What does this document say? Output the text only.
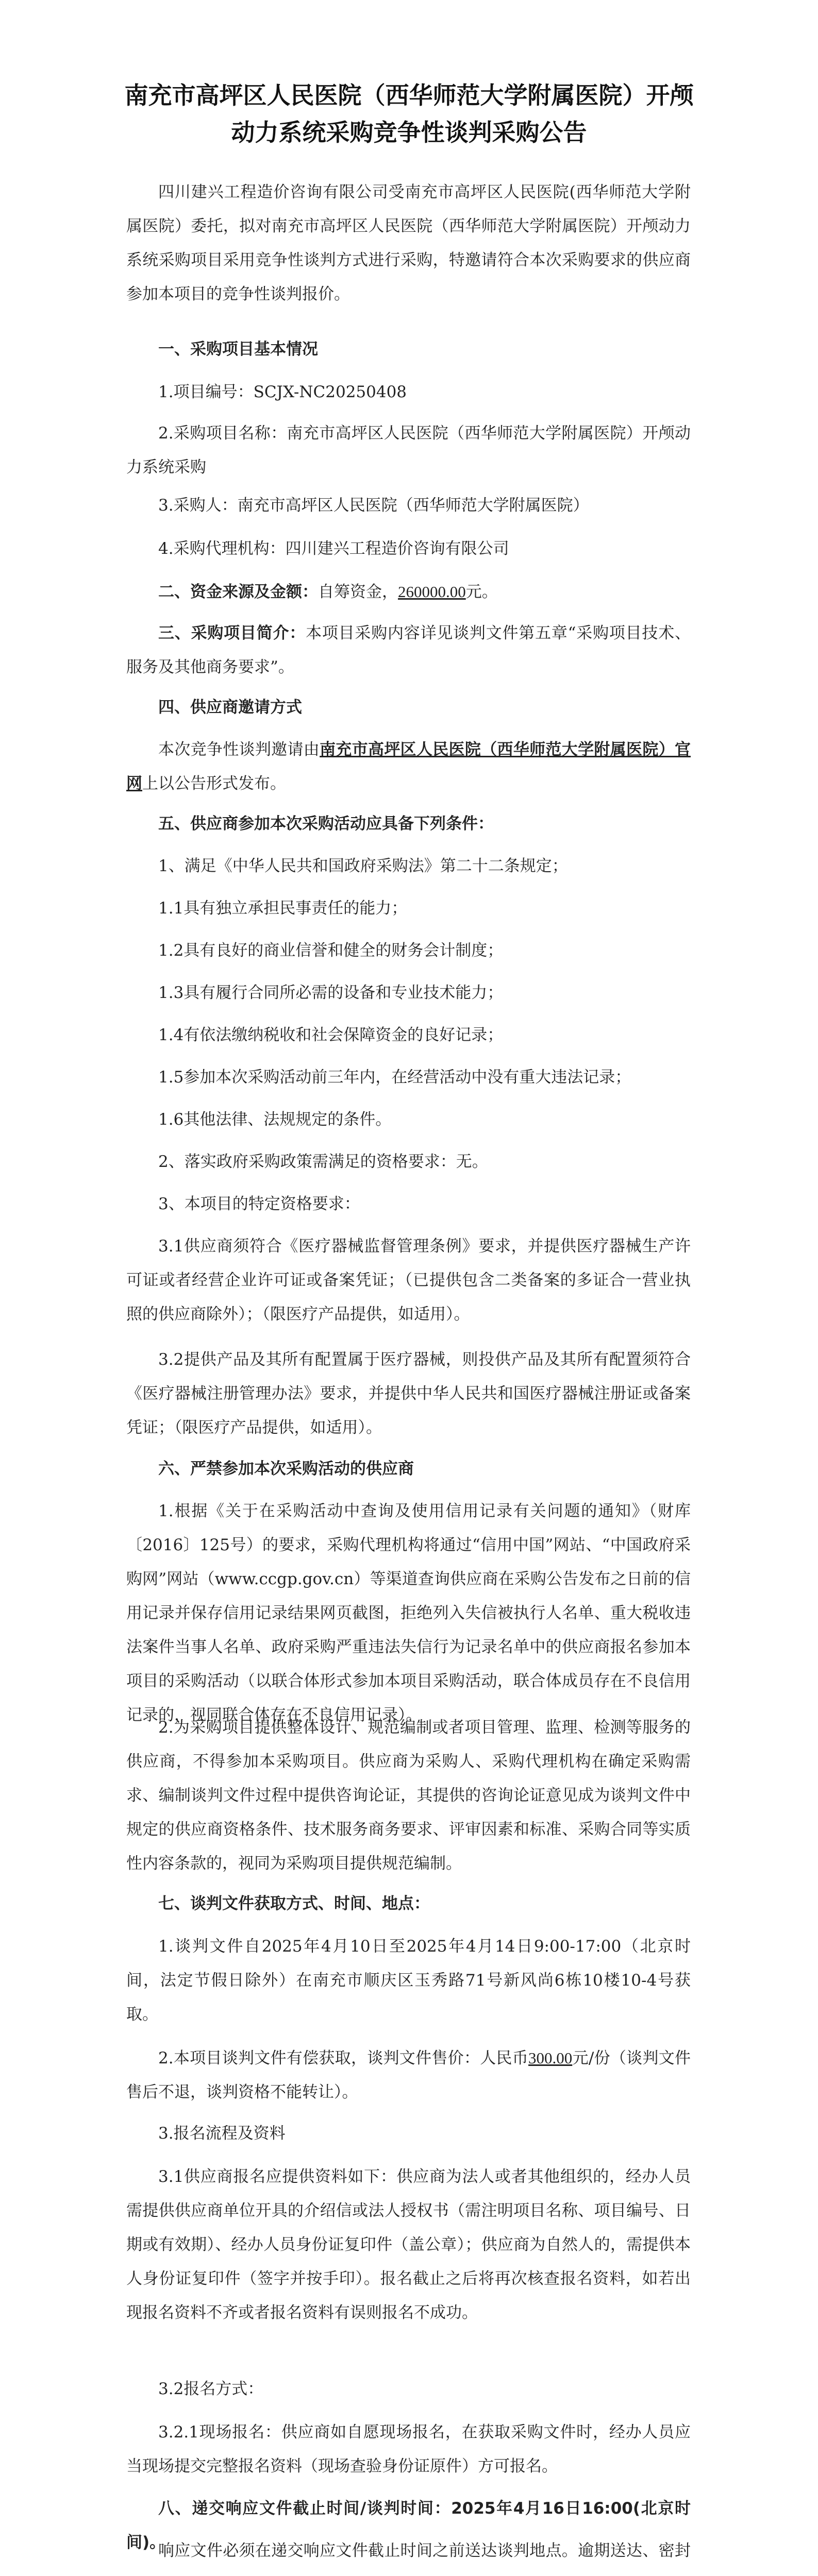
南充市高坪区人民医院（西华师范大学附属医院）开颅
动力系统采购竞争性谈判采购公告
四川建兴工程造价咨询有限公司受南充市高坪区人民医院(西华师范大学附属医院）委托，拟对南充市高坪区人民医院（西华师范大学附属医院）开颅动力系统采购项目采用竞争性谈判方式进行采购，特邀请符合本次采购要求的供应商参加本项目的竞争性谈判报价。
一、采购项目基本情况
1.项目编号：SCJX-NC20250408
2.采购项目名称：南充市高坪区人民医院（西华师范大学附属医院）开颅动力系统采购
3.采购人：南充市高坪区人民医院（西华师范大学附属医院）
4.采购代理机构：四川建兴工程造价咨询有限公司
二、资金来源及金额：自筹资金，260000.00元。
三、采购项目简介：本项目采购内容详见谈判文件第五章“采购项目技术、服务及其他商务要求”。
四、供应商邀请方式
本次竞争性谈判邀请由南充市高坪区人民医院（西华师范大学附属医院）官网上以公告形式发布。
五、供应商参加本次采购活动应具备下列条件：
1、满足《中华人民共和国政府采购法》第二十二条规定；
1.1具有独立承担民事责任的能力；
1.2具有良好的商业信誉和健全的财务会计制度；
1.3具有履行合同所必需的设备和专业技术能力；
1.4有依法缴纳税收和社会保障资金的良好记录；
1.5参加本次采购活动前三年内，在经营活动中没有重大违法记录；
1.6其他法律、法规规定的条件。
2、落实政府采购政策需满足的资格要求：无。
3、本项目的特定资格要求：
3.1供应商须符合《医疗器械监督管理条例》要求，并提供医疗器械生产许可证或者经营企业许可证或备案凭证；（已提供包含二类备案的多证合一营业执照的供应商除外）；（限医疗产品提供，如适用）。
3.2提供产品及其所有配置属于医疗器械，则投供产品及其所有配置须符合《医疗器械注册管理办法》要求，并提供中华人民共和国医疗器械注册证或备案凭证；（限医疗产品提供，如适用）。
六、严禁参加本次采购活动的供应商
1.根据《关于在采购活动中查询及使用信用记录有关问题的通知》（财库〔2016〕125号）的要求，采购代理机构将通过“信用中国”网站、“中国政府采购网”网站（www.ccgp.gov.cn）等渠道查询供应商在采购公告发布之日前的信用记录并保存信用记录结果网页截图，拒绝列入失信被执行人名单、重大税收违法案件当事人名单、政府采购严重违法失信行为记录名单中的供应商报名参加本项目的采购活动（以联合体形式参加本项目采购活动，联合体成员存在不良信用记录的，视同联合体存在不良信用记录）。
2.为采购项目提供整体设计、规范编制或者项目管理、监理、检测等服务的供应商，不得参加本采购项目。供应商为采购人、采购代理机构在确定采购需求、编制谈判文件过程中提供咨询论证，其提供的咨询论证意见成为谈判文件中规定的供应商资格条件、技术服务商务要求、评审因素和标准、采购合同等实质性内容条款的，视同为采购项目提供规范编制。
七、谈判文件获取方式、时间、地点：
1.谈判文件自2025年4月10日至2025年4月14日9:00-17:00（北京时间，法定节假日除外）在南充市顺庆区玉秀路71号新风尚6栋10楼10-4号获取。
2.本项目谈判文件有偿获取，谈判文件售价：人民币300.00元/份（谈判文件售后不退，谈判资格不能转让）。
3.报名流程及资料
3.1供应商报名应提供资料如下：供应商为法人或者其他组织的，经办人员需提供供应商单位开具的介绍信或法人授权书（需注明项目名称、项目编号、日期或有效期）、经办人员身份证复印件（盖公章）；供应商为自然人的，需提供本人身份证复印件（签字并按手印）。报名截止之后将再次核查报名资料，如若出现报名资料不齐或者报名资料有误则报名不成功。
3.2报名方式：
3.2.1现场报名：供应商如自愿现场报名，在获取采购文件时，经办人员应当现场提交完整报名资料（现场查验身份证原件）方可报名。
八、递交响应文件截止时间/谈判时间：2025年4月16日16:00(北京时间)。
响应文件必须在递交响应文件截止时间之前送达谈判地点。逾期送达、密封
